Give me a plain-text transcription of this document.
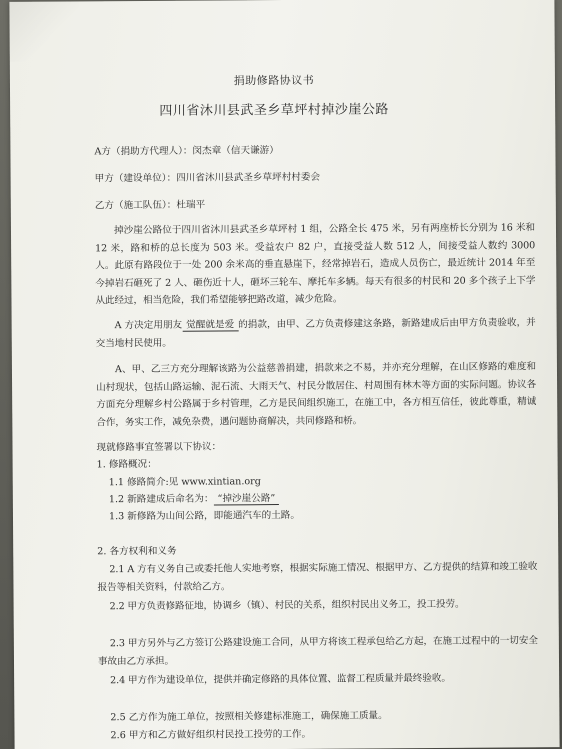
捐助修路协议书
四川省沐川县武圣乡草坪村掉沙崖公路
A方（捐助方代理人）：闵杰章（信天谦游）
甲方（建设单位）：四川省沐川县武圣乡草坪村村委会
乙方（施工队伍）：杜瑞平
掉沙崖公路位于四川省沐川县武圣乡草坪村 1 组，公路全长 475 米，另有两座桥长分别为 16 米和 12 米，路和桥的总长度为 503 米。受益农户 82 户，直接受益人数 512 人，间接受益人数约 3000 人。此原有路段位于一处 200 余米高的垂直悬崖下，经常掉岩石，造成人员伤亡，最近统计 2014 年至今掉岩石砸死了 2 人、砸伤近十人，砸坏三轮车、摩托车多辆。每天有很多的村民和 20 多个孩子上下学从此经过，相当危险，我们希望能够把路改道，减少危险。
A 方决定用朋友 觉醒就是爱 的捐款，由甲、乙方负责修建这条路，新路建成后由甲方负责验收，并交当地村民使用。
A、甲、乙三方充分理解该路为公益慈善捐建，捐款来之不易，并亦充分理解，在山区修路的难度和山村现状，包括山路运输、泥石流、大雨天气、村民分散居住、村周围有林木等方面的实际问题。协议各方面充分理解乡村公路属于乡村管理，乙方是民间组织施工，在施工中，各方相互信任，彼此尊重，精诚合作，务实工作，减免杂费，遇问题协商解决，共同修路和桥。
现就修路事宜签署以下协议：
1. 修路概况：
1.1 修路简介:见 www.xintian.org
1.2 新路建成后命名为： “掉沙崖公路”
1.3 新修路为山间公路，即能通汽车的土路。
2. 各方权利和义务
2.1 A 方有义务自己或委托他人实地考察，根据实际施工情况、根据甲方、乙方提供的结算和竣工验收报告等相关资料，付款给乙方。
2.2 甲方负责修路征地，协调乡（镇）、村民的关系，组织村民出义务工，投工投劳。
2.3 甲方另外与乙方签订公路建设施工合同，从甲方将该工程承包给乙方起，在施工过程中的一切安全事故由乙方承担。
2.4 甲方作为建设单位，提供并确定修路的具体位置、监督工程质量并最终验收。
2.5 乙方作为施工单位，按照相关修建标准施工，确保施工质量。
2.6 甲方和乙方做好组织村民投工投劳的工作。
